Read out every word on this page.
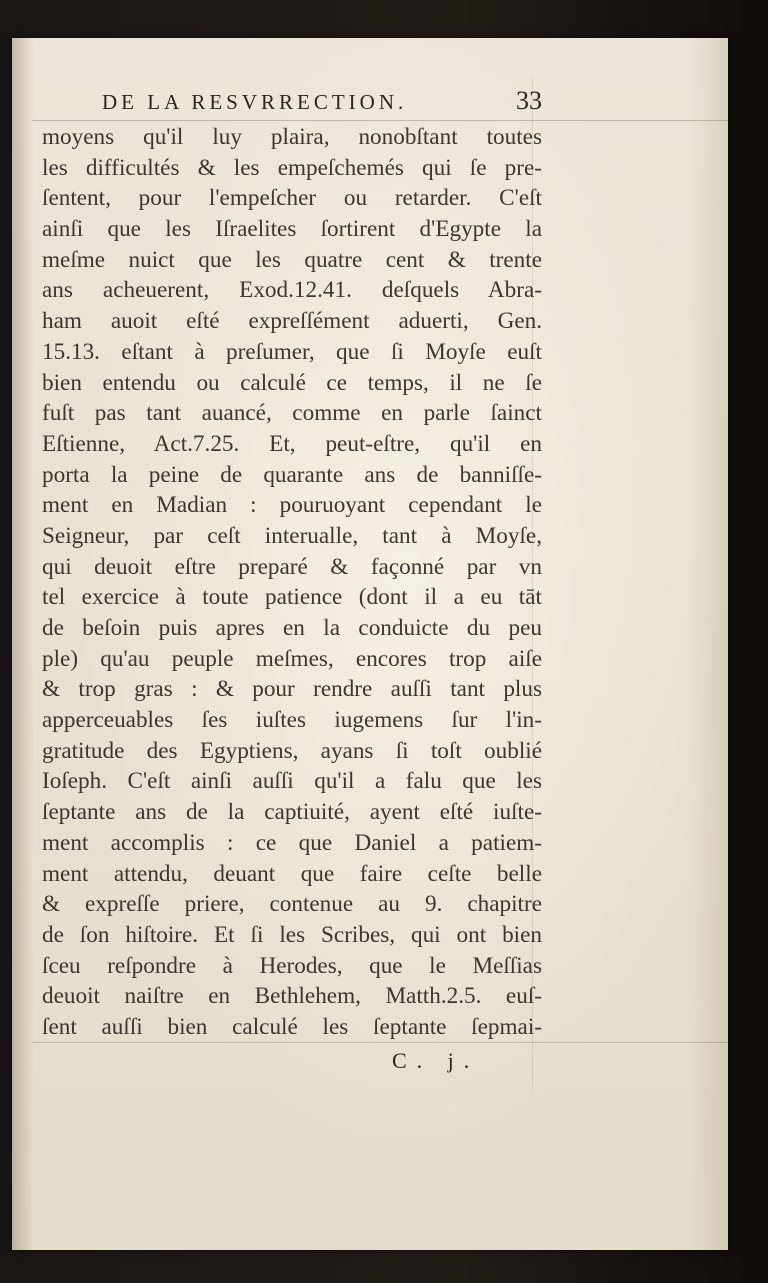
DE LA RESVRRECTION.	33
moyens qu'il luy plaira, nonobſtant toutes
les difficultés & les empeſchemés qui ſe pre-
ſentent, pour l'empeſcher ou retarder. C'eſt
ainſi que les Iſraelites ſortirent d'Egypte la
meſme nuict que les quatre cent & trente
ans acheuerent, Exod.12.41. deſquels Abra-
ham auoit eſté expreſſément aduerti, Gen.
15.13. eſtant à preſumer, que ſi Moyſe euſt
bien entendu ou calculé ce temps, il ne ſe
fuſt pas tant auancé, comme en parle ſainct
Eſtienne, Act.7.25. Et, peut-eſtre, qu'il en
porta la peine de quarante ans de banniſſe-
ment en Madian : pouruoyant cependant le
Seigneur, par ceſt interualle, tant à Moyſe,
qui deuoit eſtre preparé & façonné par vn
tel exercice à toute patience (dont il a eu tāt
de beſoin puis apres en la conduicte du peu
ple) qu'au peuple meſmes, encores trop aiſe
& trop gras : & pour rendre auſſi tant plus
apperceuables ſes iuſtes iugemens ſur l'in-
gratitude des Egyptiens, ayans ſi toſt oublié
Ioſeph. C'eſt ainſi auſſi qu'il a falu que les
ſeptante ans de la captiuité, ayent eſté iuſte-
ment accomplis : ce que Daniel a patiem-
ment attendu, deuant que faire ceſte belle
& expreſſe priere, contenue au 9. chapitre
de ſon hiſtoire. Et ſi les Scribes, qui ont bien
ſceu reſpondre à Herodes, que le Meſſias
deuoit naiſtre en Bethlehem, Matth.2.5. euſ-
ſent auſſi bien calculé les ſeptante ſepmai-
C. j.
